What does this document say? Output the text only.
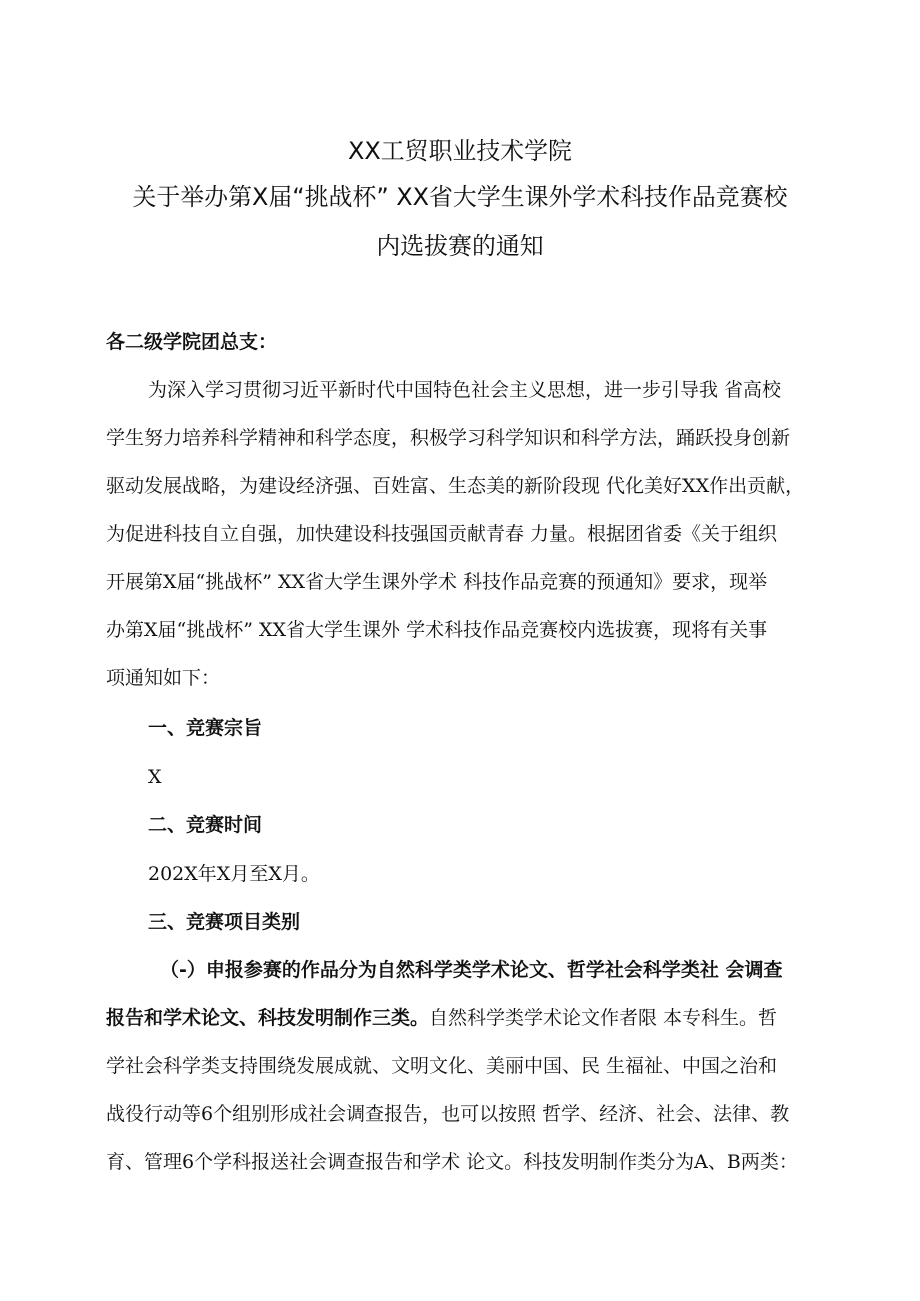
XX工贸职业技术学院
关于举办第X届“挑战杯” XX省大学生课外学术科技作品竞赛校
内选拔赛的通知
各二级学院团总支：
为深入学习贯彻习近平新时代中国特色社会主义思想，进一步引导我 省高校
学生努力培养科学精神和科学态度，积极学习科学知识和科学方法，踊跃投身创新
驱动发展战略，为建设经济强、百姓富、生态美的新阶段现 代化美好XX作出贡献，
为促进科技自立自强，加快建设科技强国贡献青春 力量。根据团省委《关于组织
开展第X届“挑战杯” XX省大学生课外学术 科技作品竞赛的预通知》要求，现举
办第X届“挑战杯” XX省大学生课外 学术科技作品竞赛校内选拔赛，现将有关事
项通知如下：
一、竞赛宗旨
X
二、竞赛时间
202X年X月至X月。
三、竞赛项目类别
（-）申报参赛的作品分为自然科学类学术论文、哲学社会科学类社 会调查
报告和学术论文、科技发明制作三类。自然科学类学术论文作者限 本专科生。哲
学社会科学类支持围绕发展成就、文明文化、美丽中国、民 生福祉、中国之治和
战役行动等6个组别形成社会调查报告，也可以按照 哲学、经济、社会、法律、教
育、管理6个学科报送社会调查报告和学术 论文。科技发明制作类分为A、B两类：
